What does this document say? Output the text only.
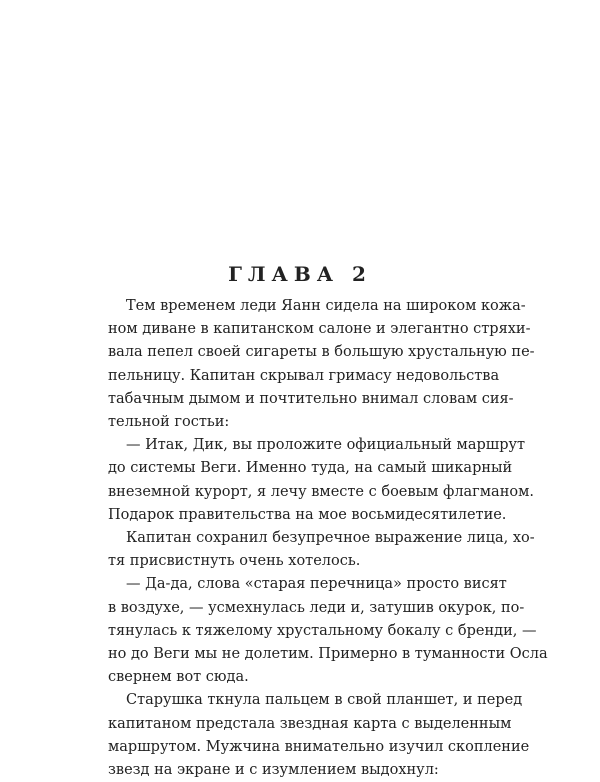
ГЛАВА 2
Тем временем леди Яанн сидела на широком кожа-
ном диване в капитанском салоне и элегантно стряхи-
вала пепел своей сигареты в большую хрустальную пе-
пельницу. Капитан скрывал гримасу недовольства
табачным дымом и почтительно внимал словам сия-
тельной гостьи:
— Итак, Дик, вы проложите официальный маршрут
до системы Веги. Именно туда, на самый шикарный
внеземной курорт, я лечу вместе с боевым флагманом.
Подарок правительства на мое восьмидесятилетие.
Капитан сохранил безупречное выражение лица, хо-
тя присвистнуть очень хотелось.
— Да-да, слова «старая перечница» просто висят
в воздухе, — усмехнулась леди и, затушив окурок, по-
тянулась к тяжелому хрустальному бокалу с бренди, —
но до Веги мы не долетим. Примерно в туманности Осла
свернем вот сюда.
Старушка ткнула пальцем в свой планшет, и перед
капитаном предстала звездная карта с выделенным
маршрутом. Мужчина внимательно изучил скопление
звезд на экране и с изумлением выдохнул:
